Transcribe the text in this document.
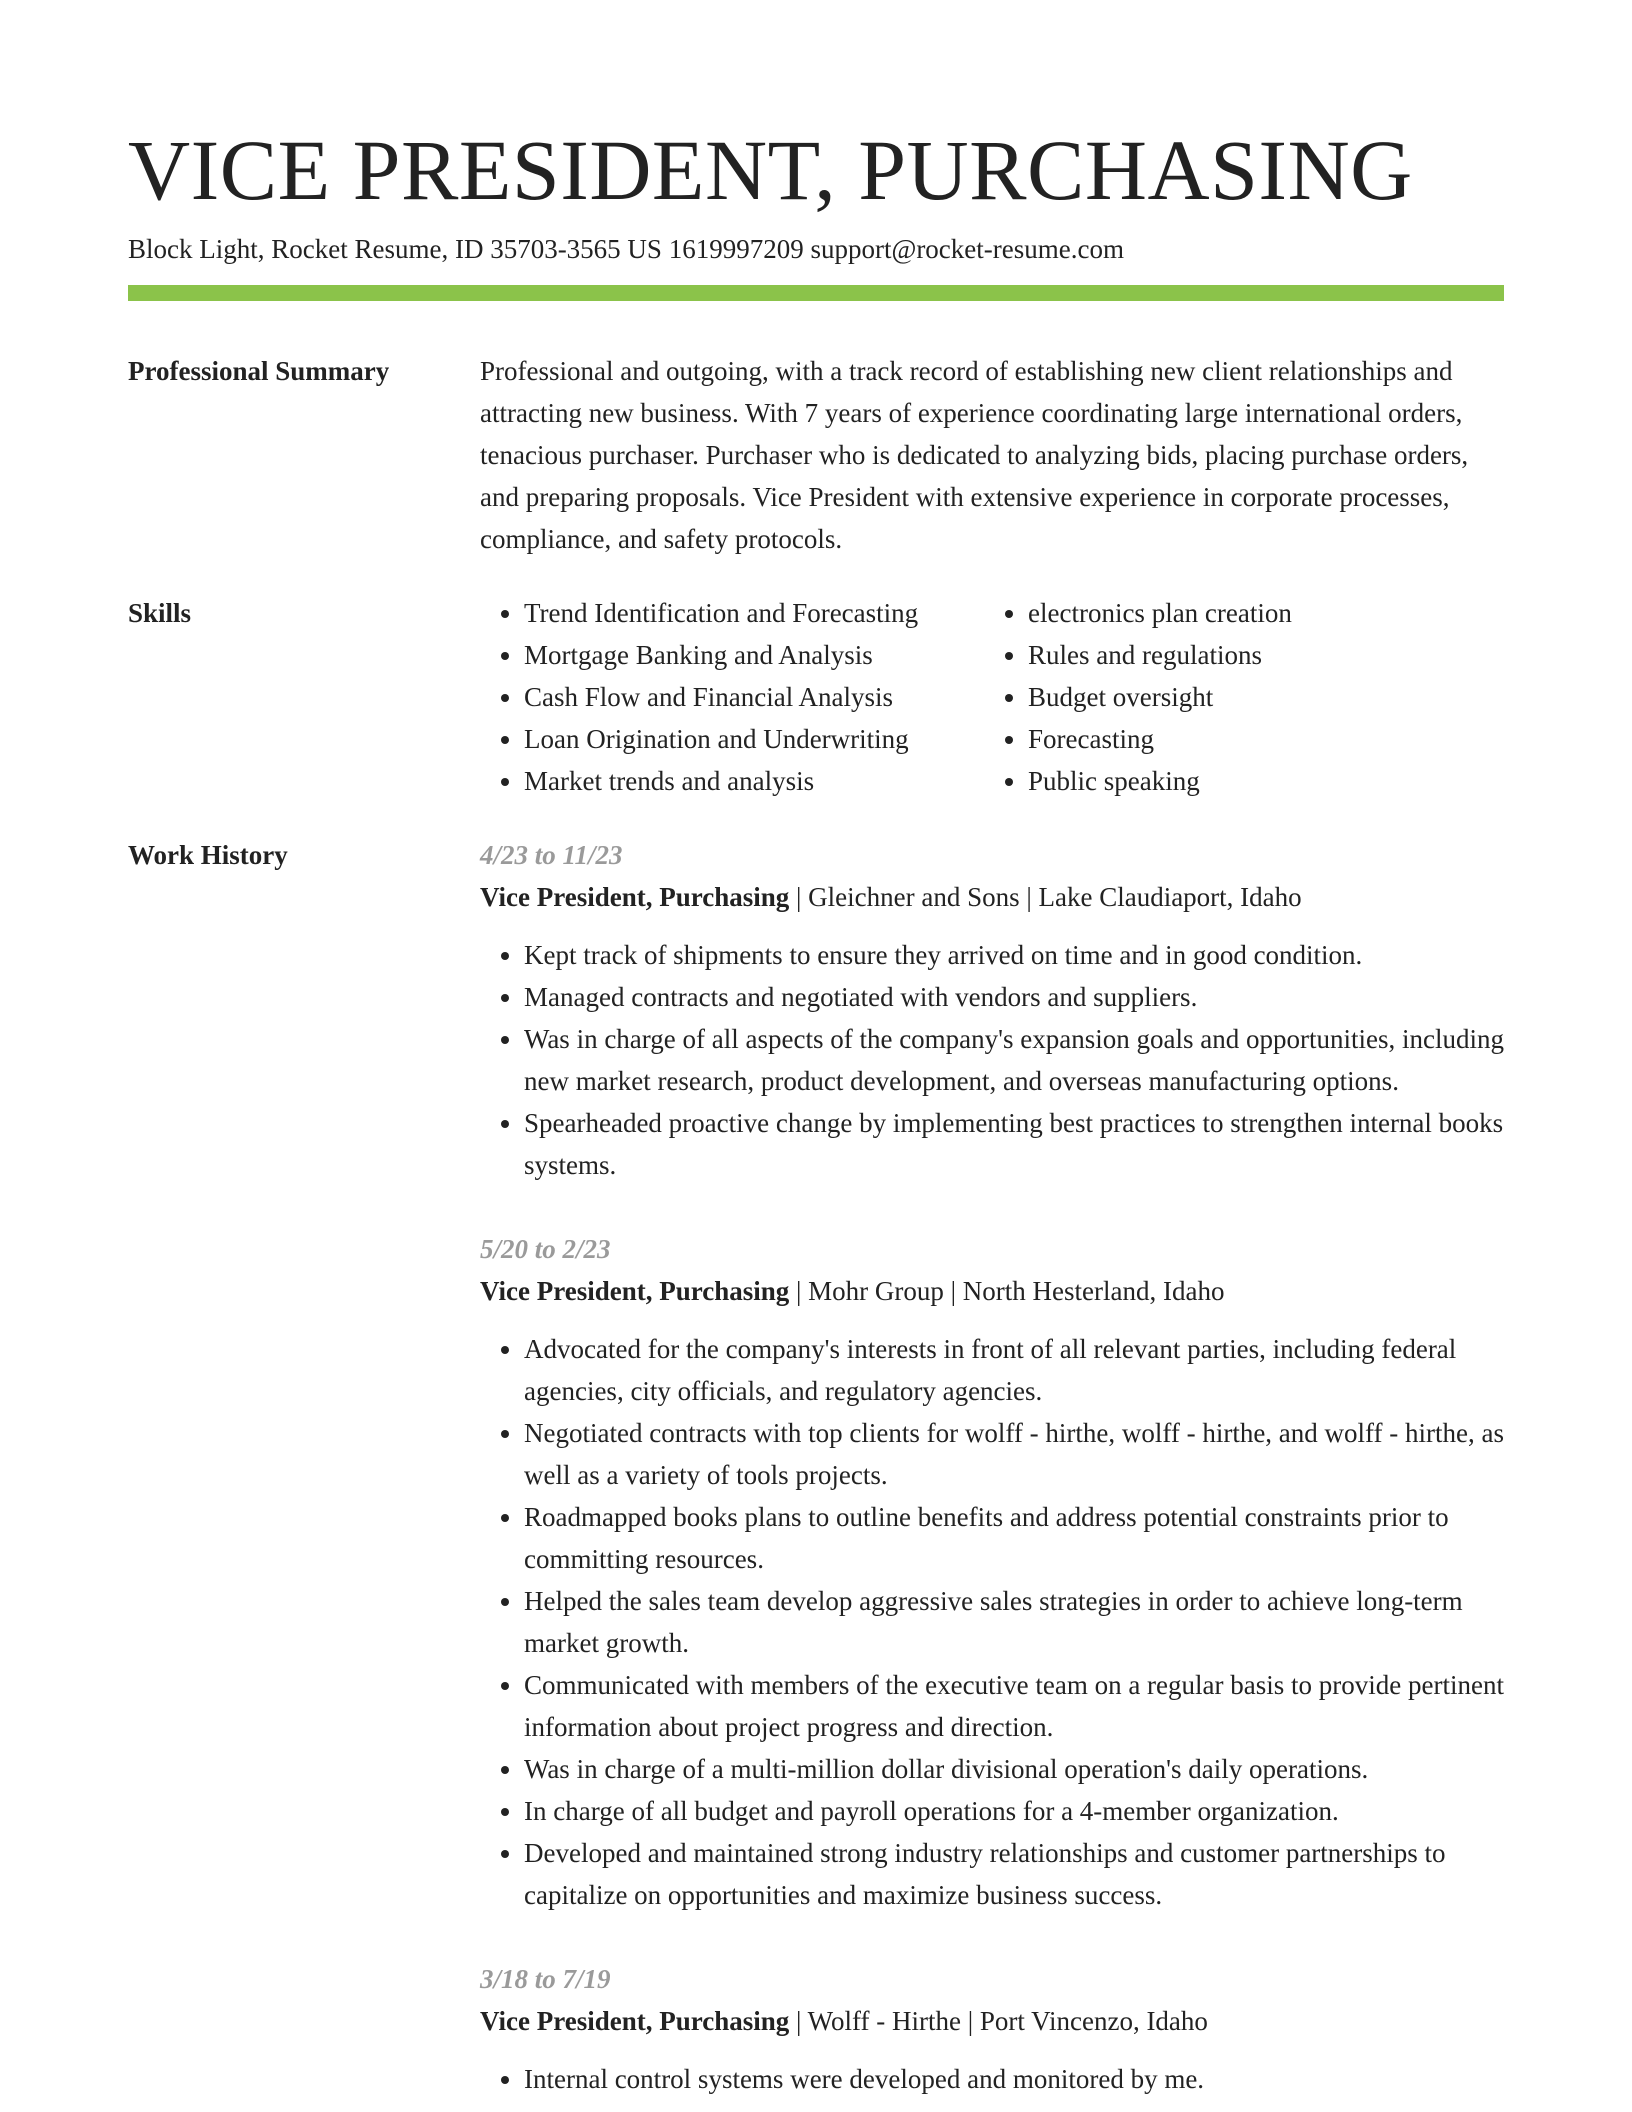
VICE PRESIDENT, PURCHASING
Block Light, Rocket Resume, ID 35703-3565 US 1619997209 support@rocket-resume.com
Professional Summary	Professional and outgoing, with a track record of establishing new client relationships and attracting new business. With 7 years of experience coordinating large international orders, tenacious purchaser. Purchaser who is dedicated to analyzing bids, placing purchase orders, and preparing proposals. Vice President with extensive experience in corporate processes, compliance, and safety protocols.

Skills
•	Trend Identification and Forecasting
• Mortgage Banking and Analysis
• Cash Flow and Financial Analysis
• Loan Origination and Underwriting
• Market trends and analysis
• electronics plan creation
• Rules and regulations
• Budget oversight
• Forecasting
• Public speaking
Work History	4/23 to 11/23
Vice President, Purchasing | Gleichner and Sons | Lake Claudiaport, Idaho
• Kept track of shipments to ensure they arrived on time and in good condition.
• Managed contracts and negotiated with vendors and suppliers.
• Was in charge of all aspects of the company's expansion goals and opportunities, including new market research, product development, and overseas manufacturing options.
• Spearheaded proactive change by implementing best practices to strengthen internal books systems.
5/20 to 2/23
Vice President, Purchasing | Mohr Group | North Hesterland, Idaho
• Advocated for the company's interests in front of all relevant parties, including federal agencies, city officials, and regulatory agencies.
• Negotiated contracts with top clients for wolff - hirthe, wolff - hirthe, and wolff - hirthe, as well as a variety of tools projects.
• Roadmapped books plans to outline benefits and address potential constraints prior to committing resources.
• Helped the sales team develop aggressive sales strategies in order to achieve long-term market growth.
• Communicated with members of the executive team on a regular basis to provide pertinent information about project progress and direction.
• Was in charge of a multi-million dollar divisional operation's daily operations.
• In charge of all budget and payroll operations for a 4-member organization.
• Developed and maintained strong industry relationships and customer partnerships to capitalize on opportunities and maximize business success.
3/18 to 7/19
Vice President, Purchasing | Wolff - Hirthe | Port Vincenzo, Idaho
• Internal control systems were developed and monitored by me.
